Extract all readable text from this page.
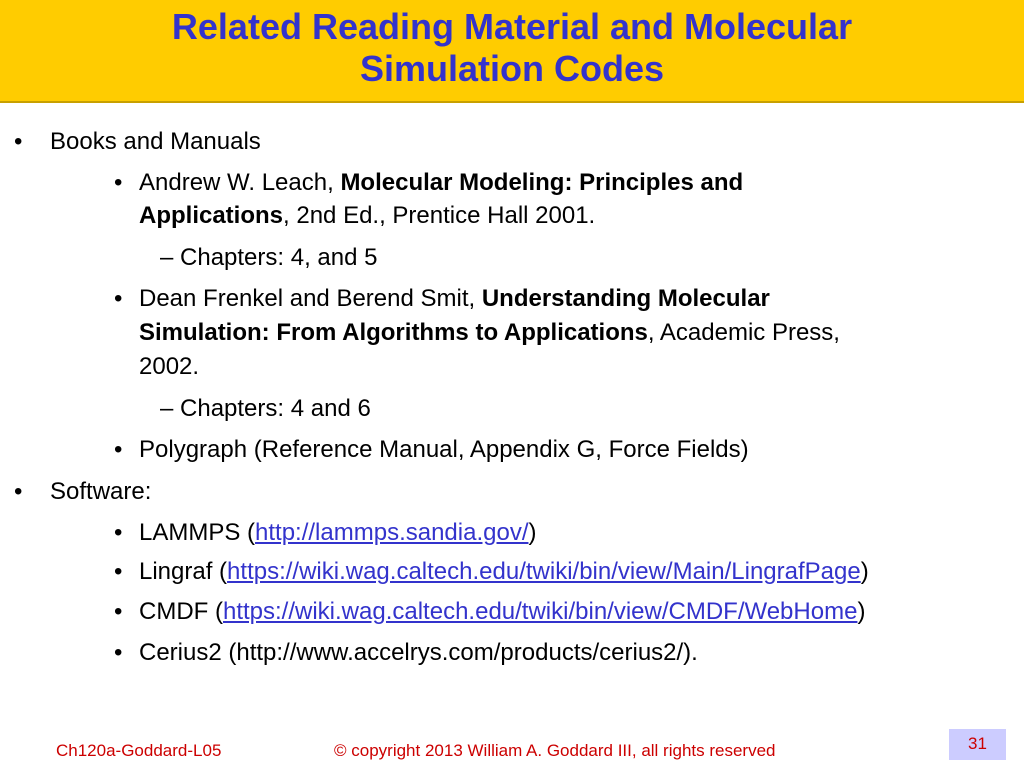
Related Reading Material and Molecular
Simulation Codes
• Books and Manuals
• Andrew W. Leach, Molecular Modeling: Principles and
Applications, 2nd Ed., Prentice Hall 2001.
– Chapters: 4, and 5
• Dean Frenkel and Berend Smit, Understanding Molecular
Simulation: From Algorithms to Applications, Academic Press,
2002.
– Chapters: 4 and 6
• Polygraph (Reference Manual, Appendix G, Force Fields)
• Software:
• LAMMPS (http://lammps.sandia.gov/)
• Lingraf (https://wiki.wag.caltech.edu/twiki/bin/view/Main/LingrafPage)
• CMDF (https://wiki.wag.caltech.edu/twiki/bin/view/CMDF/WebHome)
• Cerius2 (http://www.accelrys.com/products/cerius2/).
Ch120a-Goddard-L05	© copyright 2013 William A. Goddard III, all rights reserved	31
